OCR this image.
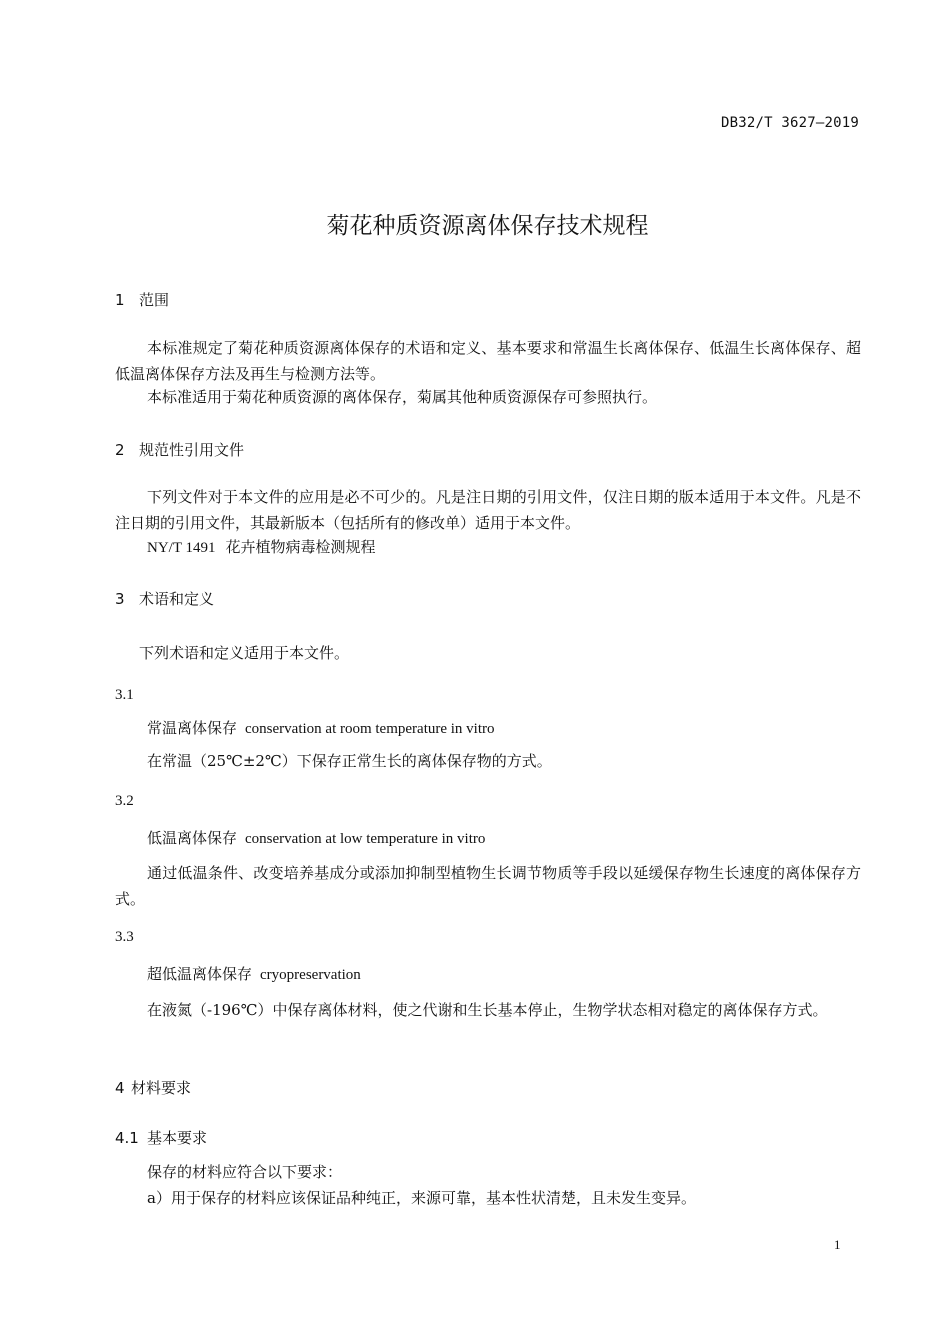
DB32/T 3627—2019
菊花种质资源离体保存技术规程
1 范围
本标准规定了菊花种质资源离体保存的术语和定义、基本要求和常温生长离体保存、低温生长离体保存、超低温离体保存方法及再生与检测方法等。
本标准适用于菊花种质资源的离体保存，菊属其他种质资源保存可参照执行。
2 规范性引用文件
下列文件对于本文件的应用是必不可少的。凡是注日期的引用文件，仅注日期的版本适用于本文件。凡是不注日期的引用文件，其最新版本（包括所有的修改单）适用于本文件。
NY/T 1491 花卉植物病毒检测规程
3 术语和定义
下列术语和定义适用于本文件。
3.1
常温离体保存 conservation at room temperature in vitro
在常温（25℃±2℃）下保存正常生长的离体保存物的方式。
3.2
低温离体保存 conservation at low temperature in vitro
通过低温条件、改变培养基成分或添加抑制型植物生长调节物质等手段以延缓保存物生长速度的离体保存方式。
3.3
超低温离体保存 cryopreservation
在液氮（-196℃）中保存离体材料，使之代谢和生长基本停止，生物学状态相对稳定的离体保存方式。
4 材料要求
4.1 基本要求
保存的材料应符合以下要求：
a）用于保存的材料应该保证品种纯正，来源可靠，基本性状清楚，且未发生变异。
1
